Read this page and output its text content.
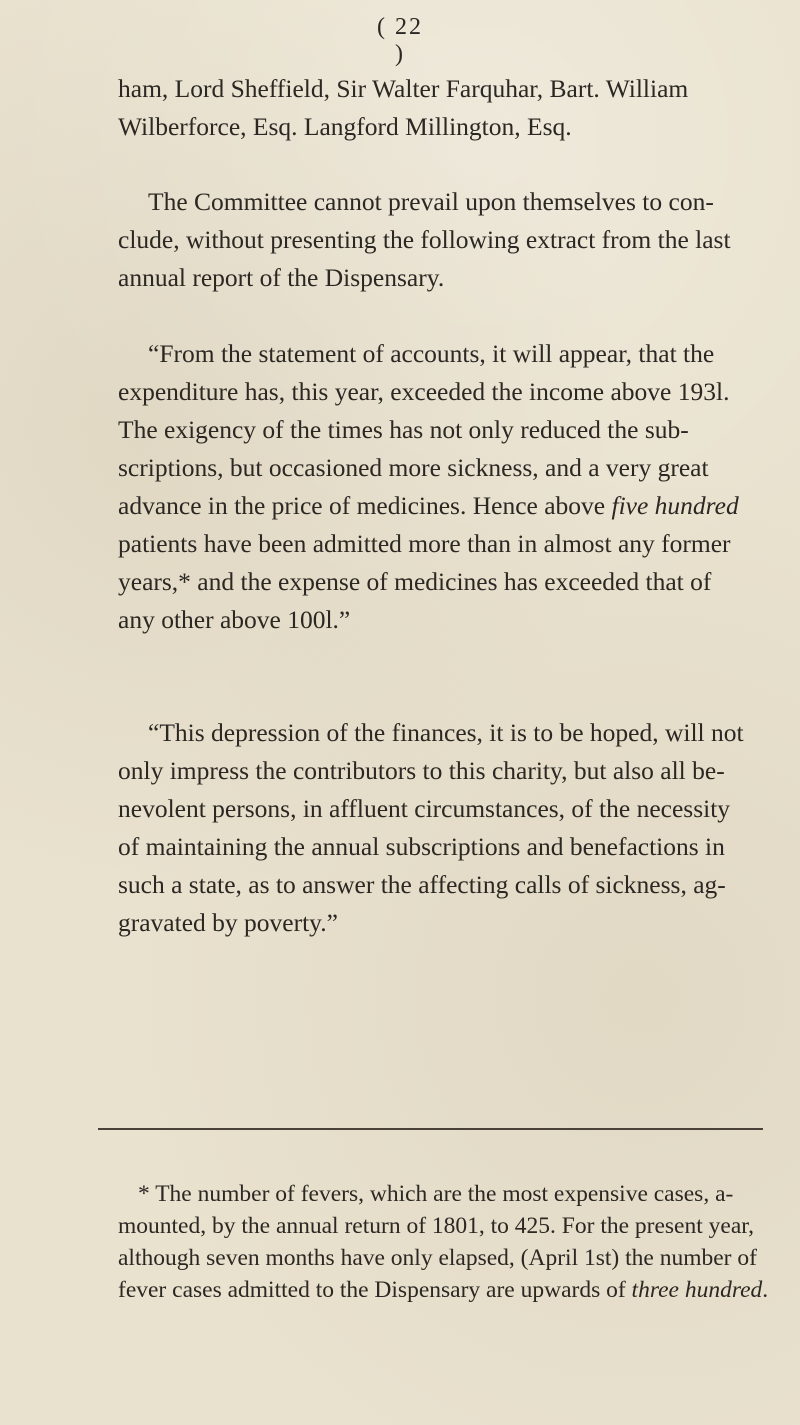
( 22 )
ham, Lord Sheffield, Sir Walter Farquhar, Bart. William
Wilberforce, Esq. Langford Millington, Esq.
The Committee cannot prevail upon themselves to con-
clude, without presenting the following extract from the last
annual report of the Dispensary.
“From the statement of accounts, it will appear, that the
expenditure has, this year, exceeded the income above 193l.
The exigency of the times has not only reduced the sub-
scriptions, but occasioned more sickness, and a very great
advance in the price of medicines. Hence above five hundred
patients have been admitted more than in almost any former
years,* and the expense of medicines has exceeded that of
any other above 100l.”
“This depression of the finances, it is to be hoped, will not
only impress the contributors to this charity, but also all be-
nevolent persons, in affluent circumstances, of the necessity
of maintaining the annual subscriptions and benefactions in
such a state, as to answer the affecting calls of sickness, ag-
gravated by poverty.”
* The number of fevers, which are the most expensive cases, a-
mounted, by the annual return of 1801, to 425. For the present year,
although seven months have only elapsed, (April 1st) the number of
fever cases admitted to the Dispensary are upwards of three hundred.
